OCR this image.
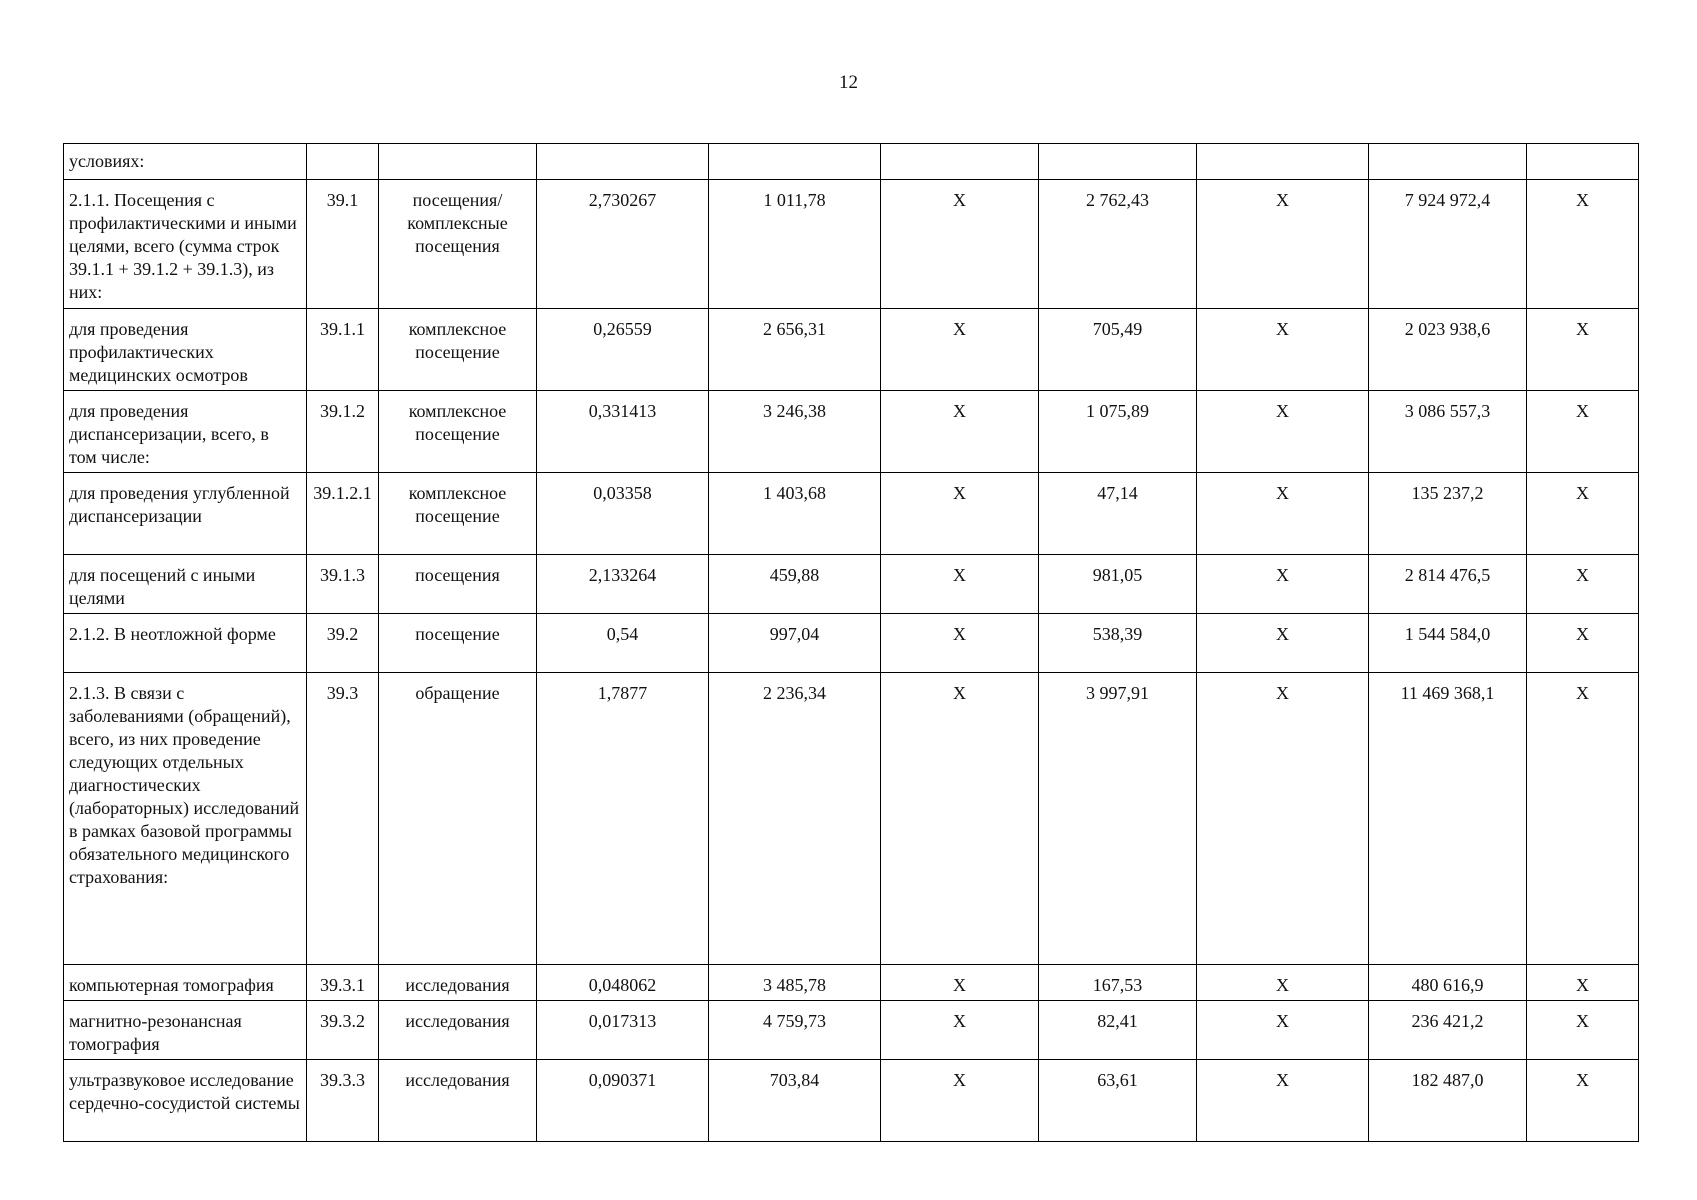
12
условиях:									
2.1.1. Посещения с профилактическими и иными целями, всего (сумма строк 39.1.1 + 39.1.2 + 39.1.3), из них:	39.1	посещения/ комплексные посещения	2,730267	1 011,78	Х	2 762,43	Х	7 924 972,4	Х
для проведения профилактических медицинских осмотров	39.1.1	комплексное посещение	0,26559	2 656,31	Х	705,49	Х	2 023 938,6	Х
для проведения диспансеризации, всего, в том числе:	39.1.2	комплексное посещение	0,331413	3 246,38	Х	1 075,89	Х	3 086 557,3	Х
для проведения углубленной диспансеризации	39.1.2.1	комплексное посещение	0,03358	1 403,68	Х	47,14	Х	135 237,2	Х
для посещений с иными целями	39.1.3	посещения	2,133264	459,88	Х	981,05	Х	2 814 476,5	Х
2.1.2. В неотложной форме	39.2	посещение	0,54	997,04	Х	538,39	Х	1 544 584,0	Х
2.1.3. В связи с заболеваниями (обращений), всего, из них проведение следующих отдельных диагностических (лабораторных) исследований в рамках базовой программы обязательного медицинского страхования:	39.3	обращение	1,7877	2 236,34	Х	3 997,91	Х	11 469 368,1	Х
компьютерная томография	39.3.1	исследования	0,048062	3 485,78	Х	167,53	Х	480 616,9	Х
магнитно-резонансная томография	39.3.2	исследования	0,017313	4 759,73	Х	82,41	Х	236 421,2	Х
ультразвуковое исследование сердечно-сосудистой системы	39.3.3	исследования	0,090371	703,84	Х	63,61	Х	182 487,0	Х
